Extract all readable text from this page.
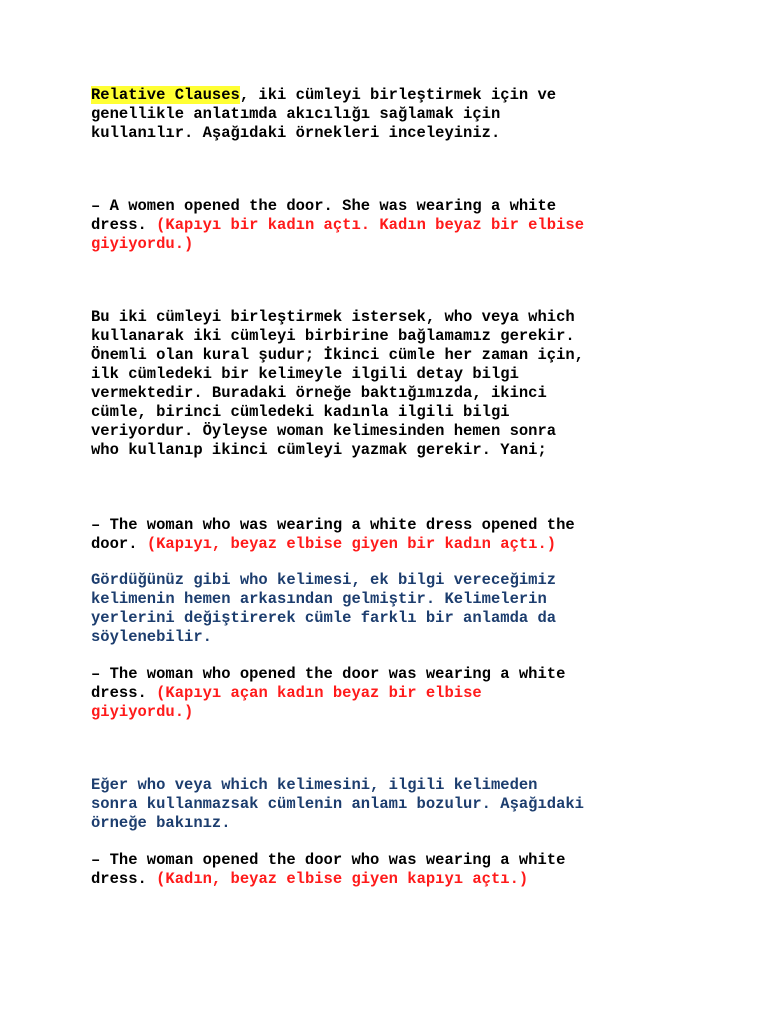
Relative Clauses, iki cümleyi birleştirmek için ve
genellikle anlatımda akıcılığı sağlamak için
kullanılır. Aşağıdaki örnekleri inceleyiniz.
– A women opened the door. She was wearing a white
dress. (Kapıyı bir kadın açtı. Kadın beyaz bir elbise
giyiyordu.)
Bu iki cümleyi birleştirmek istersek, who veya which
kullanarak iki cümleyi birbirine bağlamamız gerekir.
Önemli olan kural şudur; İkinci cümle her zaman için,
ilk cümledeki bir kelimeyle ilgili detay bilgi
vermektedir. Buradaki örneğe baktığımızda, ikinci
cümle, birinci cümledeki kadınla ilgili bilgi
veriyordur. Öyleyse woman kelimesinden hemen sonra
who kullanıp ikinci cümleyi yazmak gerekir. Yani;
– The woman who was wearing a white dress opened the
door. (Kapıyı, beyaz elbise giyen bir kadın açtı.)
Gördüğünüz gibi who kelimesi, ek bilgi vereceğimiz
kelimenin hemen arkasından gelmiştir. Kelimelerin
yerlerini değiştirerek cümle farklı bir anlamda da
söylenebilir.
– The woman who opened the door was wearing a white
dress. (Kapıyı açan kadın beyaz bir elbise
giyiyordu.)
Eğer who veya which kelimesini, ilgili kelimeden
sonra kullanmazsak cümlenin anlamı bozulur. Aşağıdaki
örneğe bakınız.
– The woman opened the door who was wearing a white
dress. (Kadın, beyaz elbise giyen kapıyı açtı.)
